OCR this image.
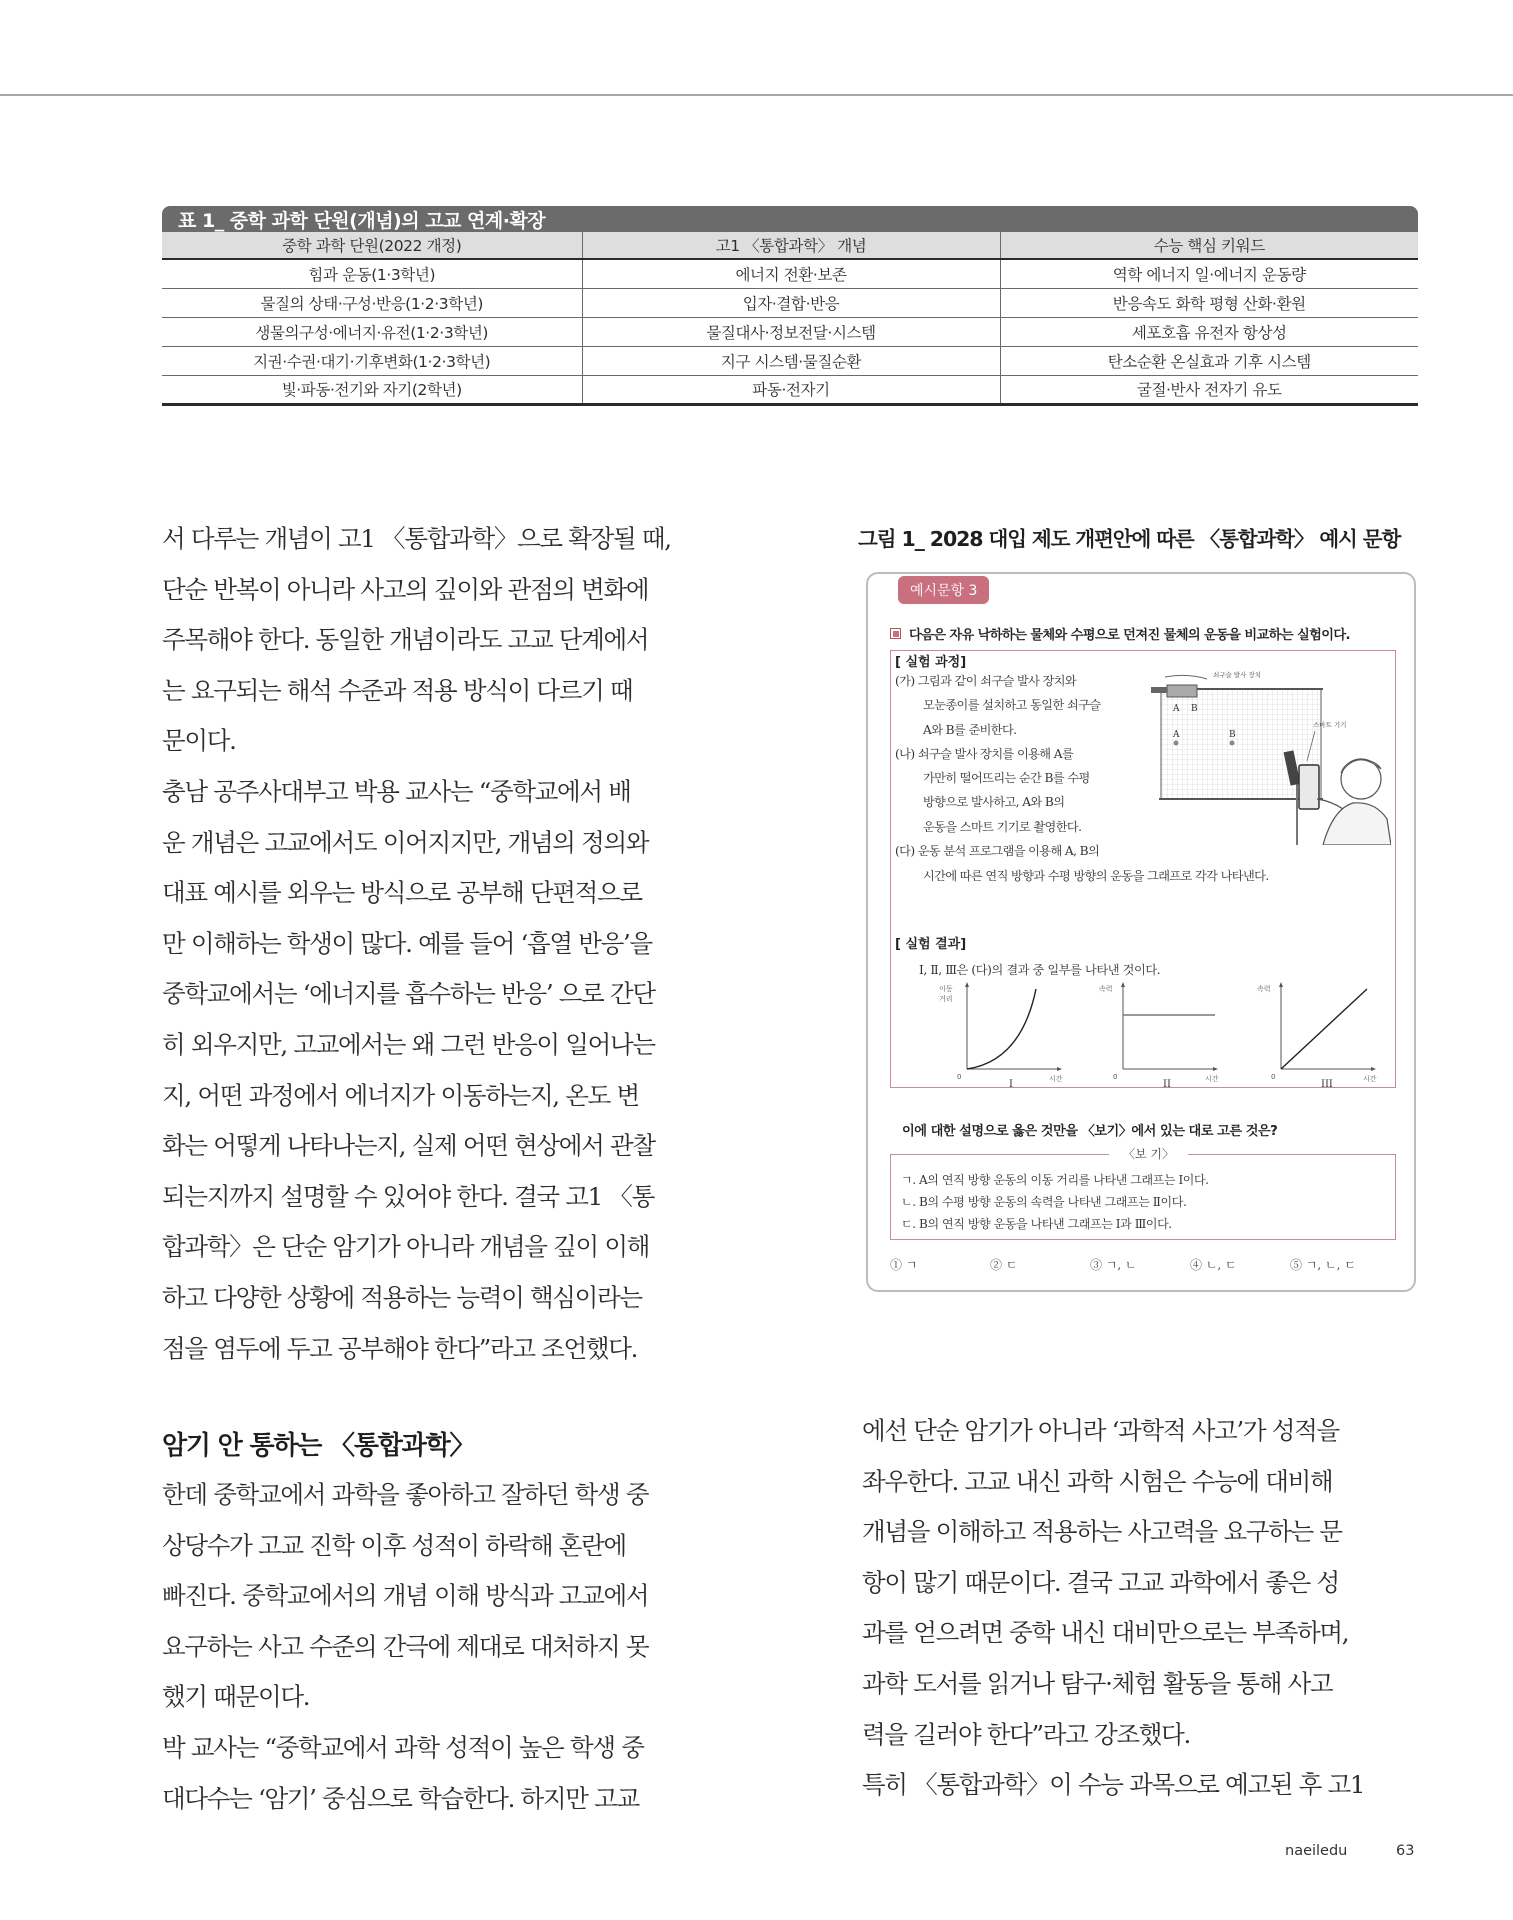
표 1_ 중학 과학 단원(개념)의 고교 연계·확장
중학 과학 단원(2022 개정)	고1 〈통합과학〉 개념	수능 핵심 키워드
힘과 운동(1·3학년)	에너지 전환·보존	역학 에너지 일·에너지 운동량
물질의 상태·구성·반응(1·2·3학년)	입자·결합·반응	반응속도 화학 평형 산화·환원
생물의구성·에너지·유전(1·2·3학년)	물질대사·정보전달·시스템	세포호흡 유전자 항상성
지권·수권·대기·기후변화(1·2·3학년)	지구 시스템·물질순환	탄소순환 온실효과 기후 시스템
빛·파동·전기와 자기(2학년)	파동·전자기	굴절·반사 전자기 유도
서 다루는 개념이 고1 〈통합과학〉으로 확장될 때,
단순 반복이 아니라 사고의 깊이와 관점의 변화에
주목해야 한다. 동일한 개념이라도 고교 단계에서
는 요구되는 해석 수준과 적용 방식이 다르기 때
문이다.
충남 공주사대부고 박용 교사는 “중학교에서 배
운 개념은 고교에서도 이어지지만, 개념의 정의와
대표 예시를 외우는 방식으로 공부해 단편적으로
만 이해하는 학생이 많다. 예를 들어 ‘흡열 반응’을
중학교에서는 ‘에너지를 흡수하는 반응’ 으로 간단
히 외우지만, 고교에서는 왜 그런 반응이 일어나는
지, 어떤 과정에서 에너지가 이동하는지, 온도 변
화는 어떻게 나타나는지, 실제 어떤 현상에서 관찰
되는지까지 설명할 수 있어야 한다. 결국 고1 〈통
합과학〉은 단순 암기가 아니라 개념을 깊이 이해
하고 다양한 상황에 적용하는 능력이 핵심이라는
점을 염두에 두고 공부해야 한다”라고 조언했다.
암기 안 통하는 〈통합과학〉
한데 중학교에서 과학을 좋아하고 잘하던 학생 중
상당수가 고교 진학 이후 성적이 하락해 혼란에
빠진다. 중학교에서의 개념 이해 방식과 고교에서
요구하는 사고 수준의 간극에 제대로 대처하지 못
했기 때문이다.
박 교사는 “중학교에서 과학 성적이 높은 학생 중
대다수는 ‘암기’ 중심으로 학습한다. 하지만 고교
에선 단순 암기가 아니라 ‘과학적 사고’가 성적을
좌우한다. 고교 내신 과학 시험은 수능에 대비해
개념을 이해하고 적용하는 사고력을 요구하는 문
항이 많기 때문이다. 결국 고교 과학에서 좋은 성
과를 얻으려면 중학 내신 대비만으로는 부족하며,
과학 도서를 읽거나 탐구·체험 활동을 통해 사고
력을 길러야 한다”라고 강조했다.
특히 〈통합과학〉이 수능 과목으로 예고된 후 고1
그림 1_ 2028 대입 제도 개편안에 따른 〈통합과학〉 예시 문항
예시문항 3
다음은 자유 낙하하는 물체와 수평으로 던져진 물체의 운동을 비교하는 실험이다.
[ 실험 과정]
(가) 그림과 같이 쇠구슬 발사 장치와
모눈종이를 설치하고 동일한 쇠구슬
A와 B를 준비한다.
(나) 쇠구슬 발사 장치를 이용해 A를
가만히 떨어뜨리는 순간 B를 수평
방향으로 발사하고, A와 B의
운동을 스마트 기기로 촬영한다.
(다) 운동 분석 프로그램을 이용해 A, B의
시간에 따른 연직 방향과 수평 방향의 운동을 그래프로 각각 나타낸다.
쇠구슬 발사 장치
A B
A	B
스마트 기기
[ 실험 결과]
Ⅰ, Ⅱ, Ⅲ은 (다)의 결과 중 일부를 나타낸 것이다.
이동
거리
0	시간
I
속력
0	시간
II
속력
0	시간
III
이에 대한 설명으로 옳은 것만을 〈보기〉에서 있는 대로 고른 것은?
〈보 기〉
ㄱ. A의 연직 방향 운동의 이동 거리를 나타낸 그래프는 Ⅰ이다.
ㄴ. B의 수평 방향 운동의 속력을 나타낸 그래프는 Ⅱ이다.
ㄷ. B의 연직 방향 운동을 나타낸 그래프는 Ⅰ과 Ⅲ이다.
① ㄱ	② ㄷ	③ ㄱ, ㄴ	④ ㄴ, ㄷ	⑤ ㄱ, ㄴ, ㄷ
naeiledu	63
